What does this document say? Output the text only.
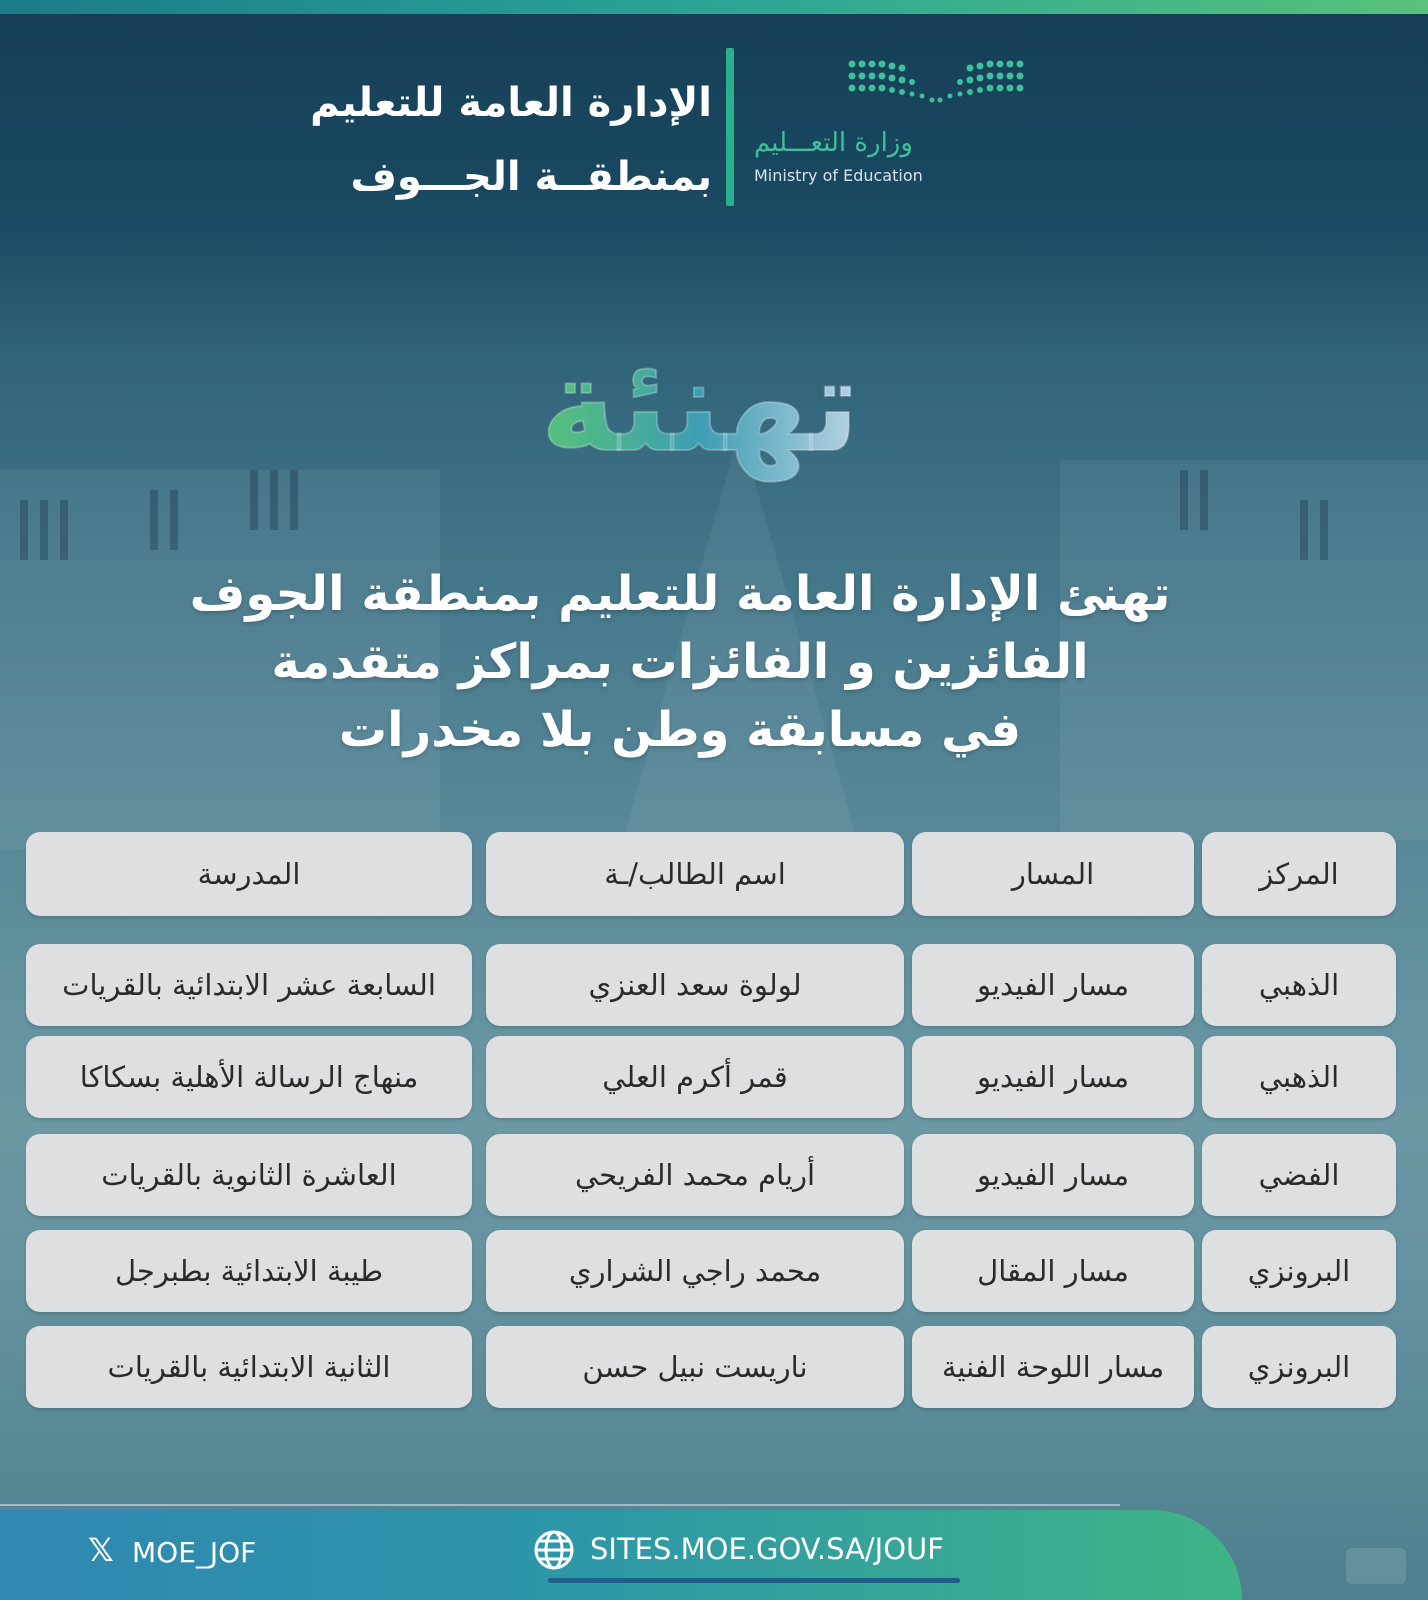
الإدارة العامة للتعليم
بمنطقــة الجـــوف
وزارة التعـــليم
Ministry of Education
تهنئة
تهنئ الإدارة العامة للتعليم بمنطقة الجوف
الفائزين و الفائزات بمراكز متقدمة
في مسابقة وطن بلا مخدرات
المركز
المسار
اسم الطالب/ـة
المدرسة
الذهبي
مسار الفيديو
لولوة سعد العنزي
السابعة عشر الابتدائية بالقريات
الذهبي
مسار الفيديو
قمر أكرم العلي
منهاج الرسالة الأهلية بسكاكا
الفضي
مسار الفيديو
أريام محمد الفريحي
العاشرة الثانوية بالقريات
البرونزي
مسار المقال
محمد راجي الشراري
طيبة الابتدائية بطبرجل
البرونزي
مسار اللوحة الفنية
ناريست نبيل حسن
الثانية الابتدائية بالقريات
𝕏 MOE_JOF	SITES.MOE.GOV.SA/JOUF
